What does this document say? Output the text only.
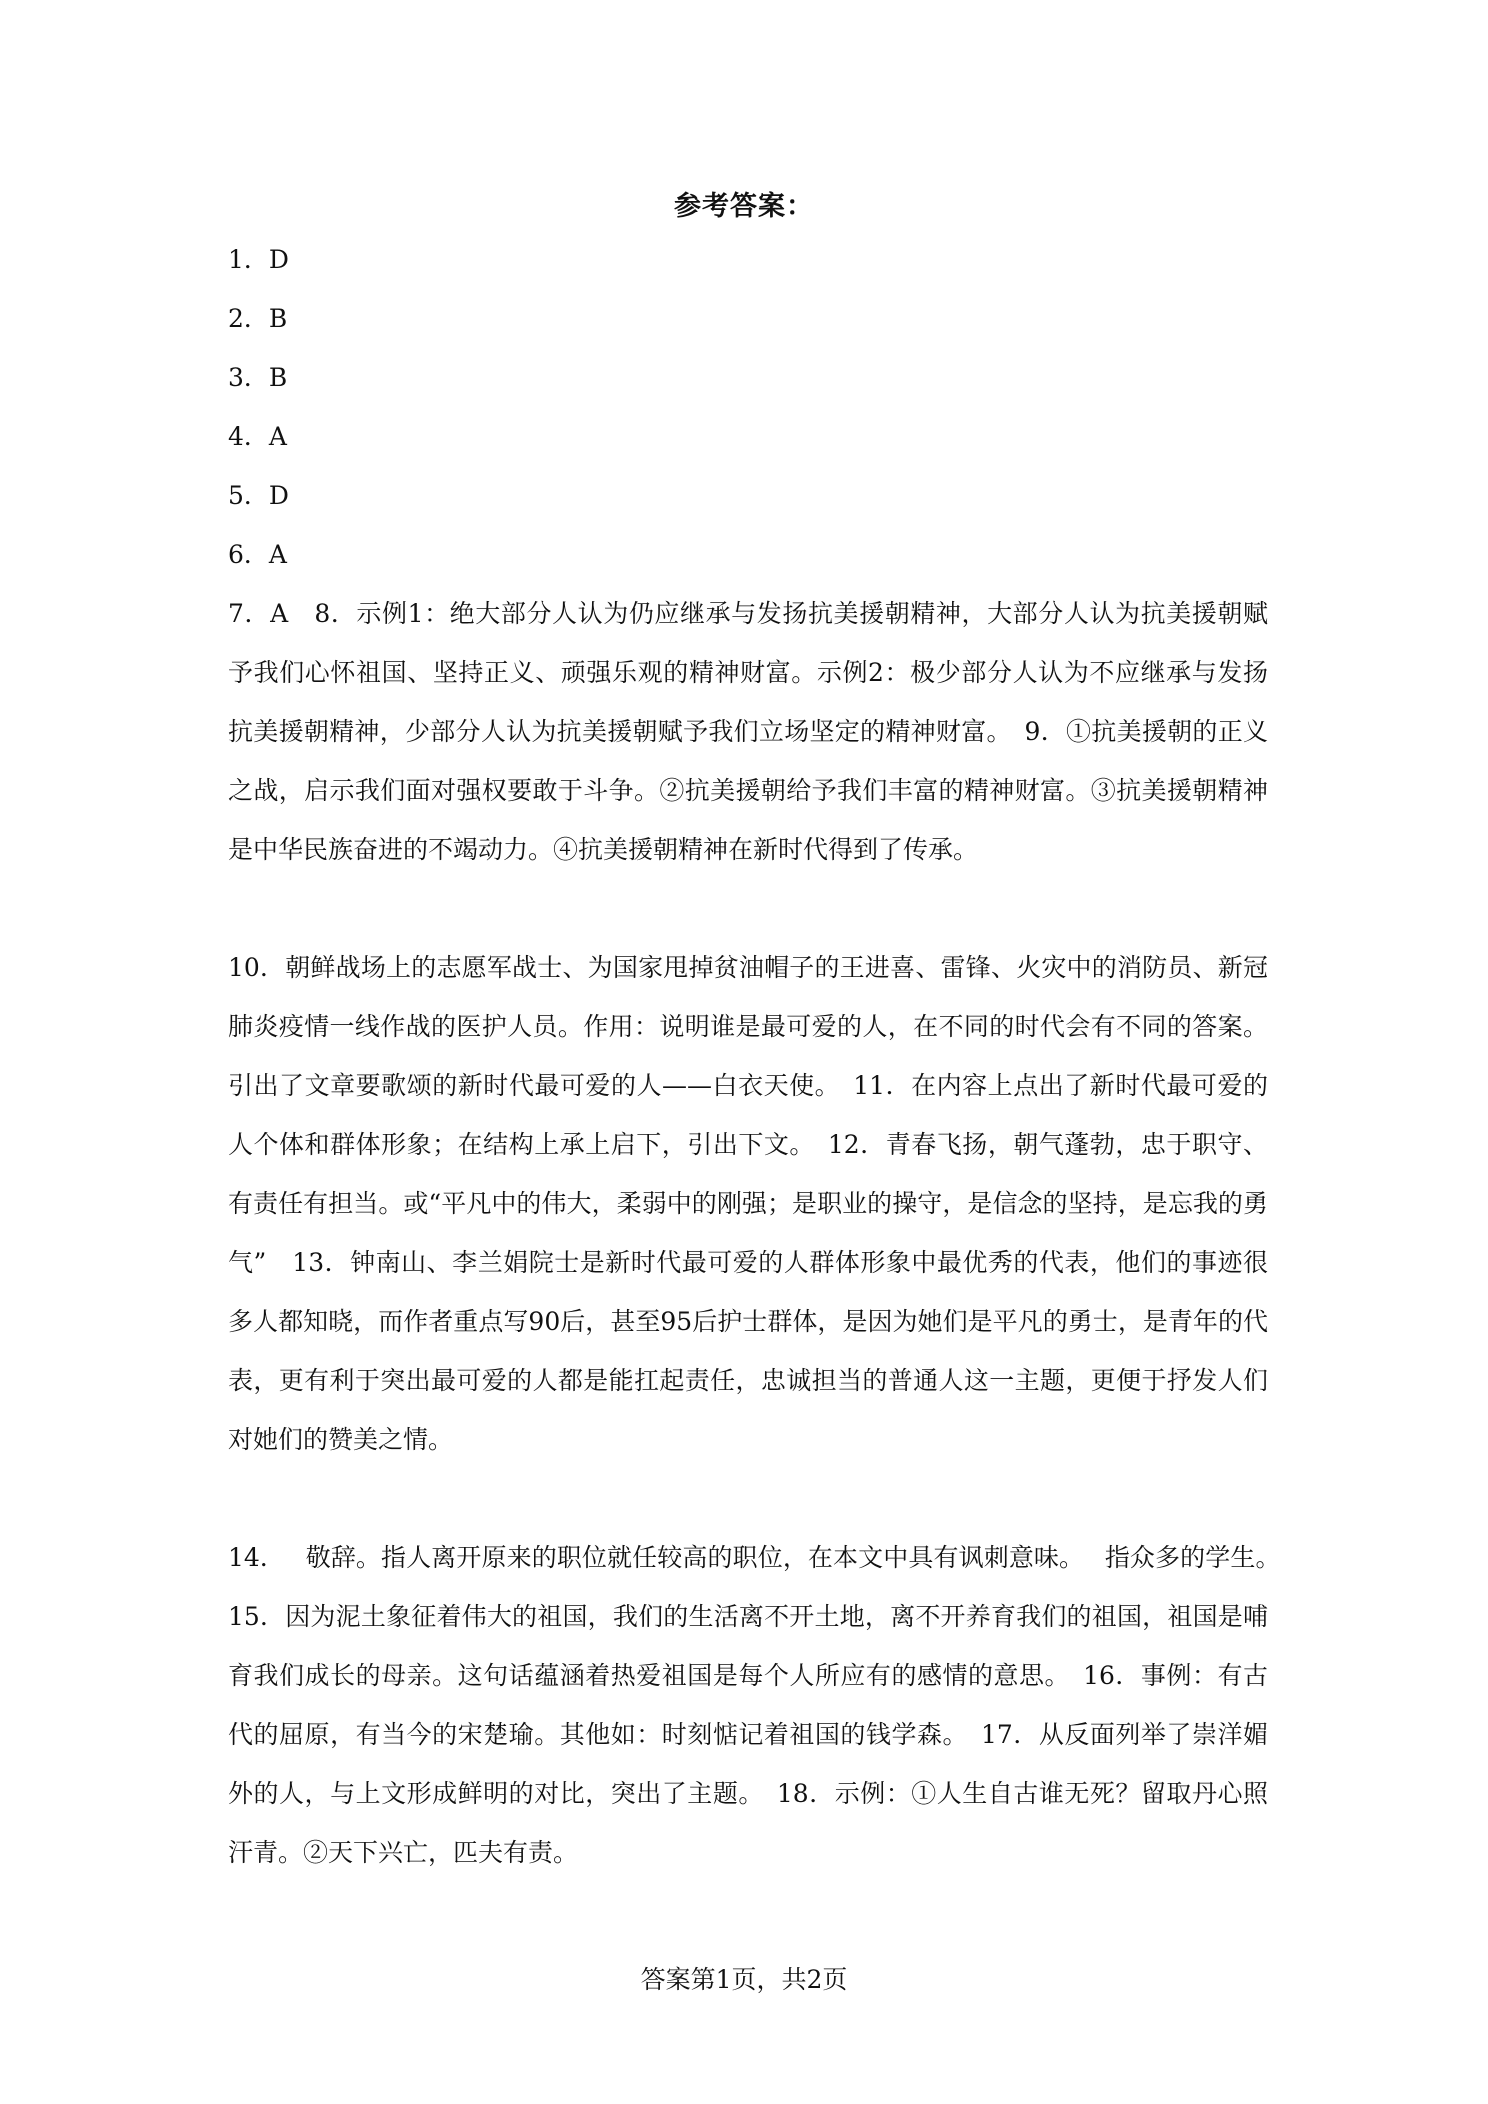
参考答案：
1．D
2．B
3．B
4．A
5．D
6．A

7．A　8．示例1：绝大部分人认为仍应继承与发扬抗美援朝精神，大部分人认为抗美援朝赋予我们心怀祖国、坚持正义、顽强乐观的精神财富。示例2：极少部分人认为不应继承与发扬抗美援朝精神，少部分人认为抗美援朝赋予我们立场坚定的精神财富。　9．①抗美援朝的正义之战，启示我们面对强权要敢于斗争。②抗美援朝给予我们丰富的精神财富。③抗美援朝精神是中华民族奋进的不竭动力。④抗美援朝精神在新时代得到了传承。

10．朝鲜战场上的志愿军战士、为国家甩掉贫油帽子的王进喜、雷锋、火灾中的消防员、新冠肺炎疫情一线作战的医护人员。作用：说明谁是最可爱的人，在不同的时代会有不同的答案。引出了文章要歌颂的新时代最可爱的人——白衣天使。　11．在内容上点出了新时代最可爱的人个体和群体形象；在结构上承上启下，引出下文。　12．青春飞扬，朝气蓬勃，忠于职守、有责任有担当。或“平凡中的伟大，柔弱中的刚强；是职业的操守，是信念的坚持，是忘我的勇气”　13．钟南山、李兰娟院士是新时代最可爱的人群体形象中最优秀的代表，他们的事迹很多人都知晓，而作者重点写90后，甚至95后护士群体，是因为她们是平凡的勇士，是青年的代表，更有利于突出最可爱的人都是能扛起责任，忠诚担当的普通人这一主题，更便于抒发人们对她们的赞美之情。

14．　 敬辞。指人离开原来的职位就任较高的职位，在本文中具有讽刺意味。　 指众多的学生。　15．因为泥土象征着伟大的祖国，我们的生活离不开土地，离不开养育我们的祖国，祖国是哺育我们成长的母亲。这句话蕴涵着热爱祖国是每个人所应有的感情的意思。　16．事例：有古代的屈原，有当今的宋楚瑜。其他如：时刻惦记着祖国的钱学森。　17．从反面列举了崇洋媚外的人，与上文形成鲜明的对比，突出了主题。　18．示例：①人生自古谁无死？留取丹心照汗青。②天下兴亡，匹夫有责。

答案第1页，共2页
